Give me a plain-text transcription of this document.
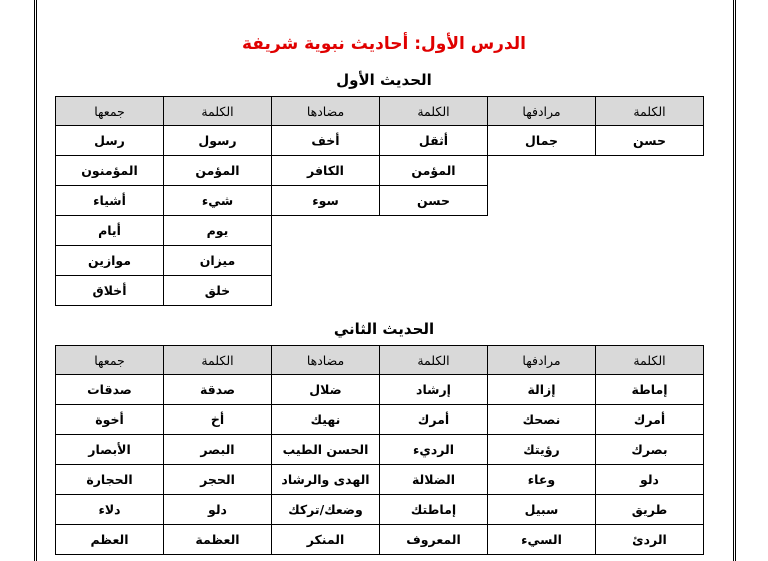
الدرس الأول: أحاديث نبوية شريفة
الحديث الأول
الكلمة	مرادفها	الكلمة	مضادها	الكلمة	جمعها
حسن	جمال	أثقل	أخف	رسول	رسل
		المؤمن	الكافر	المؤمن	المؤمنون
		حسن	سوء	شيء	أشياء
				يوم	أيام
				ميزان	موازين
				خلق	أخلاق
الحديث الثاني
الكلمة	مرادفها	الكلمة	مضادها	الكلمة	جمعها
إماطة	إزالة	إرشاد	ضلال	صدقة	صدقات
أمرك	نصحك	أمرك	نهيك	أخ	أخوة
بصرك	رؤيتك	الرديء	الحسن الطيب	البصر	الأبصار
دلو	وعاء	الضلالة	الهدى والرشاد	الحجر	الحجارة
طريق	سبيل	إماطتك	وضعك/تركك	دلو	دلاء
الردئ	السيء	المعروف	المنكر	العظمة	العظم
